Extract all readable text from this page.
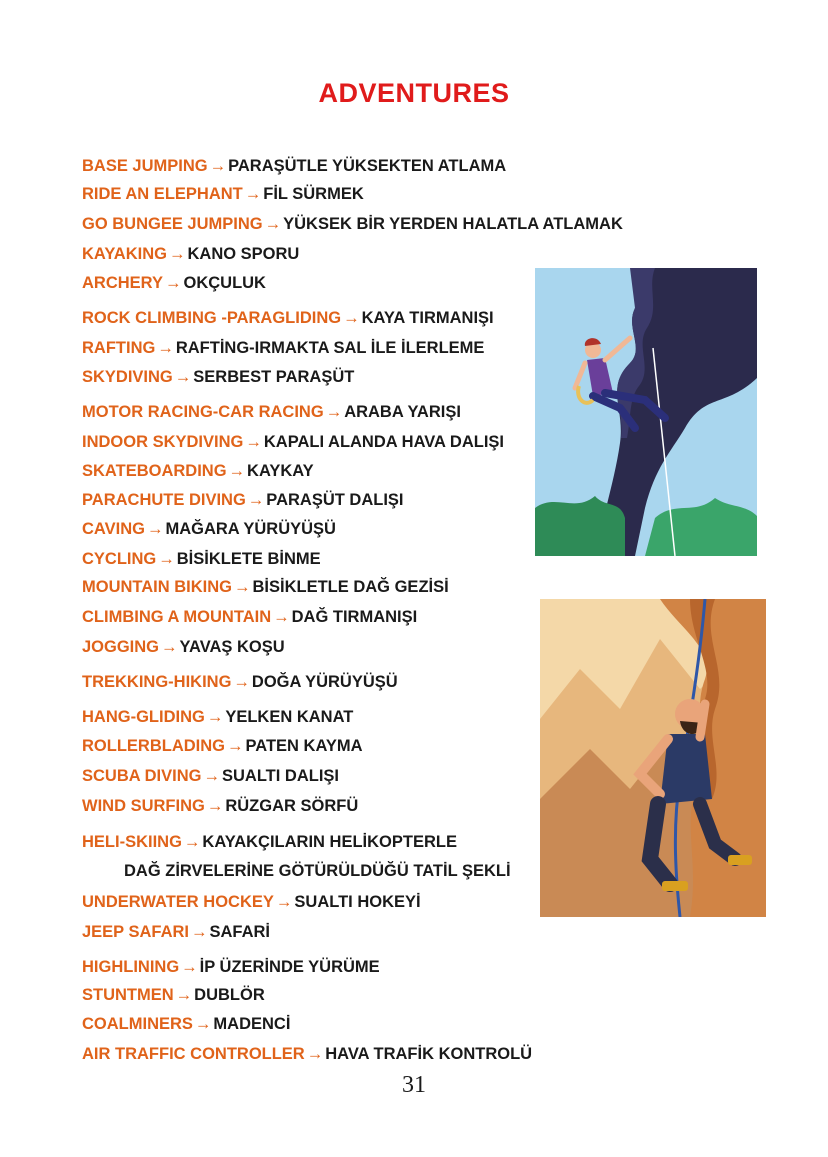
ADVENTURES
BASE JUMPING → PARAŞÜTLE YÜKSEKTEN ATLAMA
RIDE AN ELEPHANT → FİL SÜRMEK
GO BUNGEE JUMPING → YÜKSEK BİR YERDEN HALATLA ATLAMAK
KAYAKING → KANO SPORU
ARCHERY → OKÇULUK
ROCK CLIMBING -PARAGLIDING → KAYA TIRMANIŞI
RAFTING → RAFTİNG-IRMAKTA SAL İLE İLERLEME
SKYDIVING → SERBEST PARAŞÜT
MOTOR RACING-CAR RACING → ARABA YARIŞI
INDOOR SKYDIVING → KAPALI ALANDA HAVA DALIŞI
SKATEBOARDING → KAYKAY
PARACHUTE DIVING → PARAŞÜT DALIŞI
CAVING → MAĞARA YÜRÜYÜŞÜ
CYCLING → BİSİKLETE BİNME
MOUNTAIN BIKING → BİSİKLETLE DAĞ GEZİSİ
CLIMBING A MOUNTAIN → DAĞ TIRMANIŞI
JOGGING → YAVAŞ KOŞU
TREKKING-HIKING → DOĞA YÜRÜYÜŞÜ
HANG-GLIDING → YELKEN KANAT
ROLLERBLADING → PATEN KAYMA
SCUBA DIVING → SUALTI DALIŞI
WIND SURFING → RÜZGAR SÖRFÜ
HELI-SKIING → KAYAKÇILARIN HELİKOPTERLE
DAĞ ZİRVELERİNE GÖTÜRÜLDÜĞÜ TATİL ŞEKLİ
UNDERWATER HOCKEY → SUALTI HOKEYİ
JEEP SAFARI → SAFARİ
HIGHLINING → İP ÜZERİNDE YÜRÜME
STUNTMEN → DUBLÖR
COALMINERS → MADENCİ
AIR TRAFFIC CONTROLLER → HAVA TRAFİK KONTROLÜ
31
